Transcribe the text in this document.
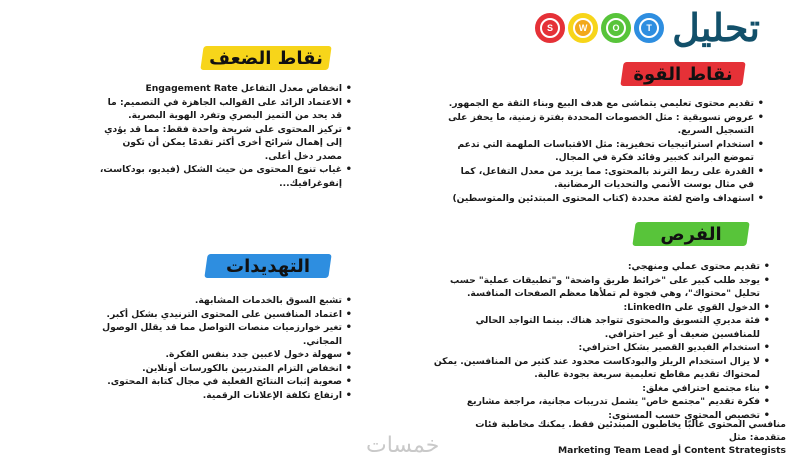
S	W	O	T تحليل
نقاط القوة
• تقديم محتوى تعليمي يتماشى مع هدف البيع وبناء الثقة مع الجمهور.
• عروض تسويقية : مثل الخصومات المحددة بفترة زمنية، ما يحفز على التسجيل السريع.
• استخدام استراتيجيات تحفيزية: مثل الاقتباسات الملهمة التي تدعم تموضع البراند كخبير وقائد فكرة في المجال.
• القدرة على ربط الترند بالمحتوى: مما يزيد من معدل التفاعل، كما في مثال بوست الأنمي والتحديات الرمضانية.
• استهداف واضح لفئة محددة (كتاب المحتوى المبتدئين والمتوسطين)
نقاط الضعف
• انخفاض معدل التفاعل Engagement Rate
• الاعتماد الزائد على القوالب الجاهزة في التصميم: ما قد يحد من التميز البصري وتفرد الهوية البصرية.
• تركيز المحتوى على شريحة واحدة فقط: مما قد يؤدي إلى إهمال شرائح أخرى أكثر تقدمًا يمكن أن تكون مصدر دخل أعلى.
• غياب تنوع المحتوى من حيث الشكل (فيديو، بودكاست، إنفوغرافيك...
الفرص
• تقديم محتوى عملي ومنهجي:
• يوجد طلب كبير على "خرائط طريق واضحة" و"تطبيقات عملية" حسب تحليل "محتواك"، وهي فجوة لم تملأها معظم الصفحات المنافسة.
• الدخول القوي على LinkedIn:
• فئة مديري التسويق والمحتوى تتواجد هناك. بينما التواجد الحالي للمنافسين ضعيف أو غير احترافي.
• استخدام الفيديو القصير بشكل احترافي:
• لا يزال استخدام الريلز والبودكاست محدود عند كثير من المنافسين. يمكن لمحتواك تقديم مقاطع تعليمية سريعة بجودة عالية.
• بناء مجتمع احترافي مغلق:
• فكرة تقديم "مجتمع خاص" يشمل تدريبات مجانية، مراجعة مشاريع
• تخصيص المحتوى حسب المستوى:
منافسي المحتوى غالبًا يخاطبون المبتدئين فقط. يمكنك مخاطبة فئات متقدمة: مثل
Marketing Team Lead أو Content Strategists
التهديدات
• تشبع السوق بالخدمات المشابهة.
• اعتماد المنافسين على المحتوى الترنيدي بشكل أكبر.
• تغير خوارزميات منصات التواصل مما قد يقلل الوصول المجاني.
• سهولة دخول لاعبين جدد بنفس الفكرة.
• انخفاض التزام المتدربين بالكورسات أونلاين.
• صعوبة إثبات النتائج الفعلية في مجال كتابة المحتوى.
• ارتفاع تكلفة الإعلانات الرقمية.
خمسات
